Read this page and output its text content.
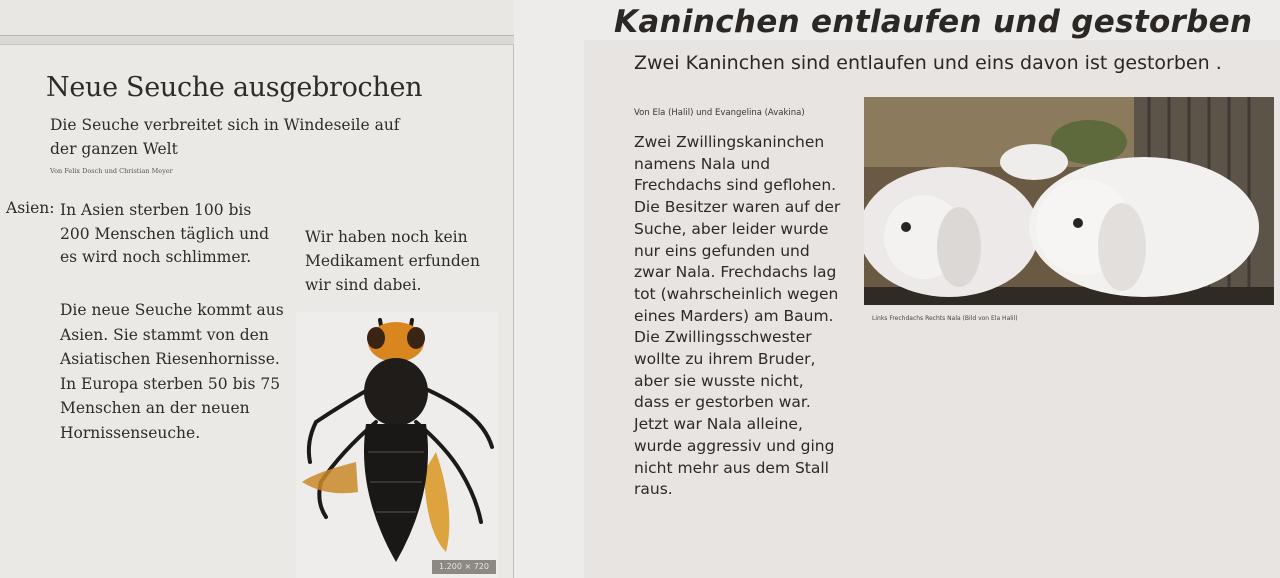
Neue Seuche ausgebrochen

Die Seuche verbreitet sich in Windeseile auf der ganzen Welt

Von Felix Dosch und Christian Meyer

Asien: In Asien sterben 100 bis 200 Menschen täglich und es wird noch schlimmer.

Die neue Seuche kommt aus Asien. Sie stammt von den Asiatischen Riesenhornisse. In Europa sterben 50 bis 75 Menschen an der neuen Hornissenseuche.

Wir haben noch kein Medikament erfunden wir sind dabei.

1.200 × 720
Kaninchen entlaufen und gestorben

Zwei Kaninchen sind entlaufen und eins davon ist gestorben .

Von Ela (Halil) und Evangelina (Avakina)

Zwei Zwillingskaninchen namens Nala und Frechdachs sind geflohen. Die Besitzer waren auf der Suche, aber leider wurde nur eins gefunden und zwar Nala. Frechdachs lag tot (wahrscheinlich wegen eines Marders) am Baum. Die Zwillingsschwester wollte zu ihrem Bruder, aber sie wusste nicht, dass er gestorben war. Jetzt war Nala alleine, wurde aggressiv und ging nicht mehr aus dem Stall raus.

Links Frechdachs Rechts Nala (Bild von Ela Halil)
